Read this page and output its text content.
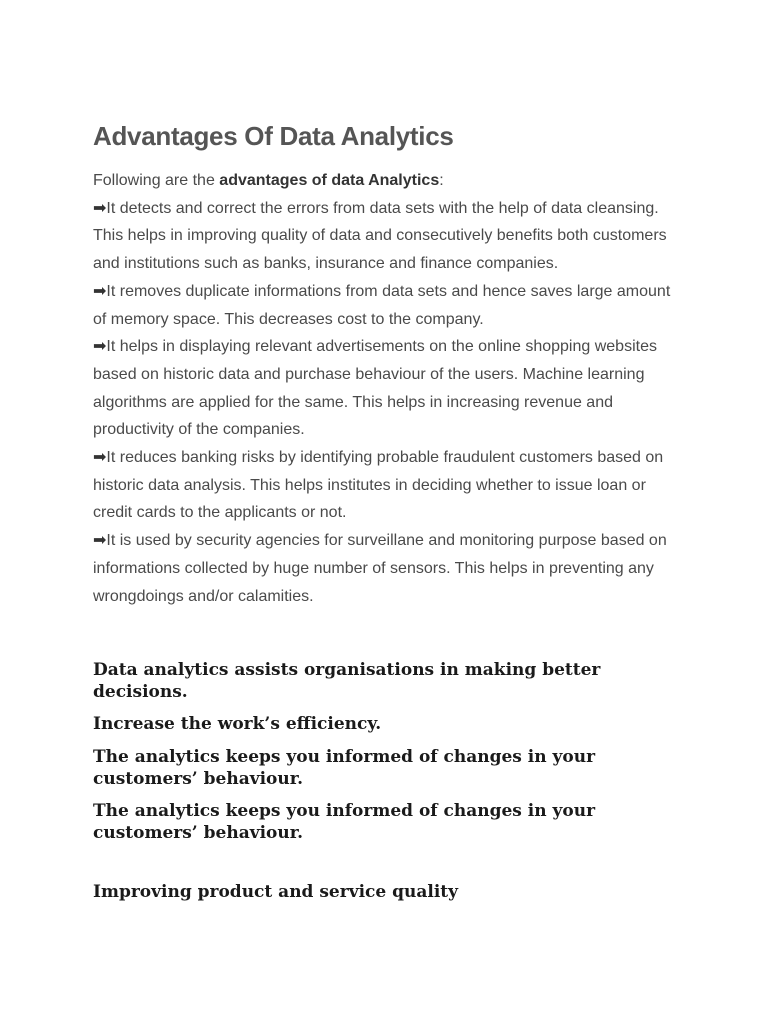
Advantages Of Data Analytics

Following are the advantages of data Analytics:

➡It detects and correct the errors from data sets with the help of data cleansing. This helps in improving quality of data and consecutively benefits both customers and institutions such as banks, insurance and finance companies.

➡It removes duplicate informations from data sets and hence saves large amount of memory space. This decreases cost to the company.

➡It helps in displaying relevant advertisements on the online shopping websites based on historic data and purchase behaviour of the users. Machine learning algorithms are applied for the same. This helps in increasing revenue and productivity of the companies.

➡It reduces banking risks by identifying probable fraudulent customers based on historic data analysis. This helps institutes in deciding whether to issue loan or credit cards to the applicants or not.

➡It is used by security agencies for surveillane and monitoring purpose based on informations collected by huge number of sensors. This helps in preventing any wrongdoings and/or calamities.

Data analytics assists organisations in making better decisions.
Increase the work’s efficiency.
The analytics keeps you informed of changes in your customers’ behaviour.
The analytics keeps you informed of changes in your customers’ behaviour.
Improving product and service quality
